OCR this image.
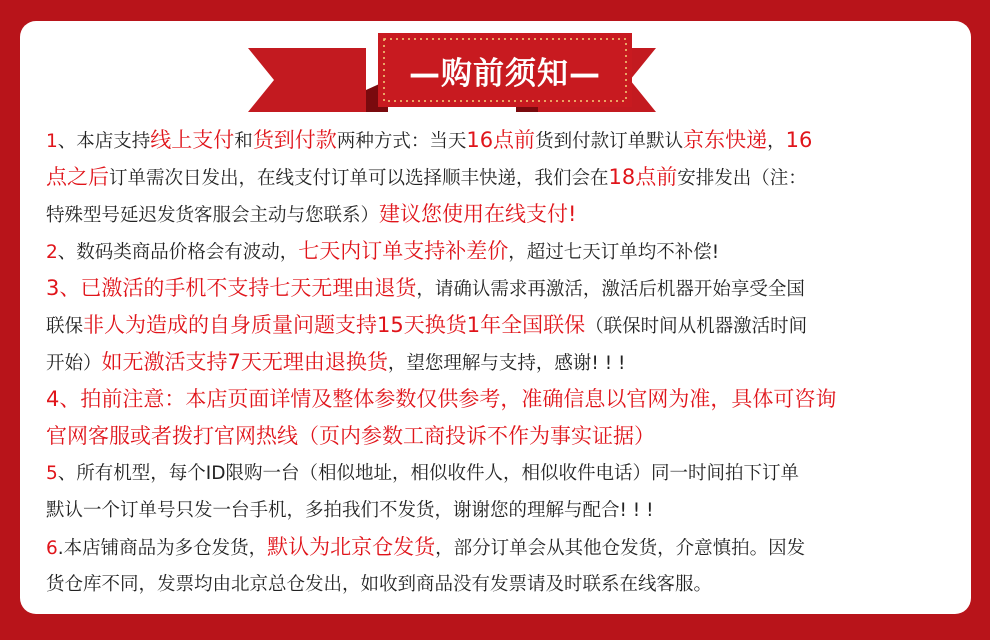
—购前须知—
1、本店支持线上支付和货到付款两种方式：当天16点前货到付款订单默认京东快递，16
点之后订单需次日发出，在线支付订单可以选择顺丰快递，我们会在18点前安排发出（注：
特殊型号延迟发货客服会主动与您联系）建议您使用在线支付!
2、数码类商品价格会有波动，七天内订单支持补差价，超过七天订单均不补偿!
3、已激活的手机不支持七天无理由退货，请确认需求再激活，激活后机器开始享受全国
联保非人为造成的自身质量问题支持15天换货1年全国联保（联保时间从机器激活时间
开始）如无激活支持7天无理由退换货，望您理解与支持，感谢! ! !
4、拍前注意：本店页面详情及整体参数仅供参考，准确信息以官网为准，具体可咨询
官网客服或者拨打官网热线（页内参数工商投诉不作为事实证据）
5、所有机型，每个ID限购一台（相似地址，相似收件人，相似收件电话）同一时间拍下订单
默认一个订单号只发一台手机，多拍我们不发货，谢谢您的理解与配合! ! !
6.本店铺商品为多仓发货，默认为北京仓发货，部分订单会从其他仓发货，介意慎拍。因发
货仓库不同，发票均由北京总仓发出，如收到商品没有发票请及时联系在线客服。
